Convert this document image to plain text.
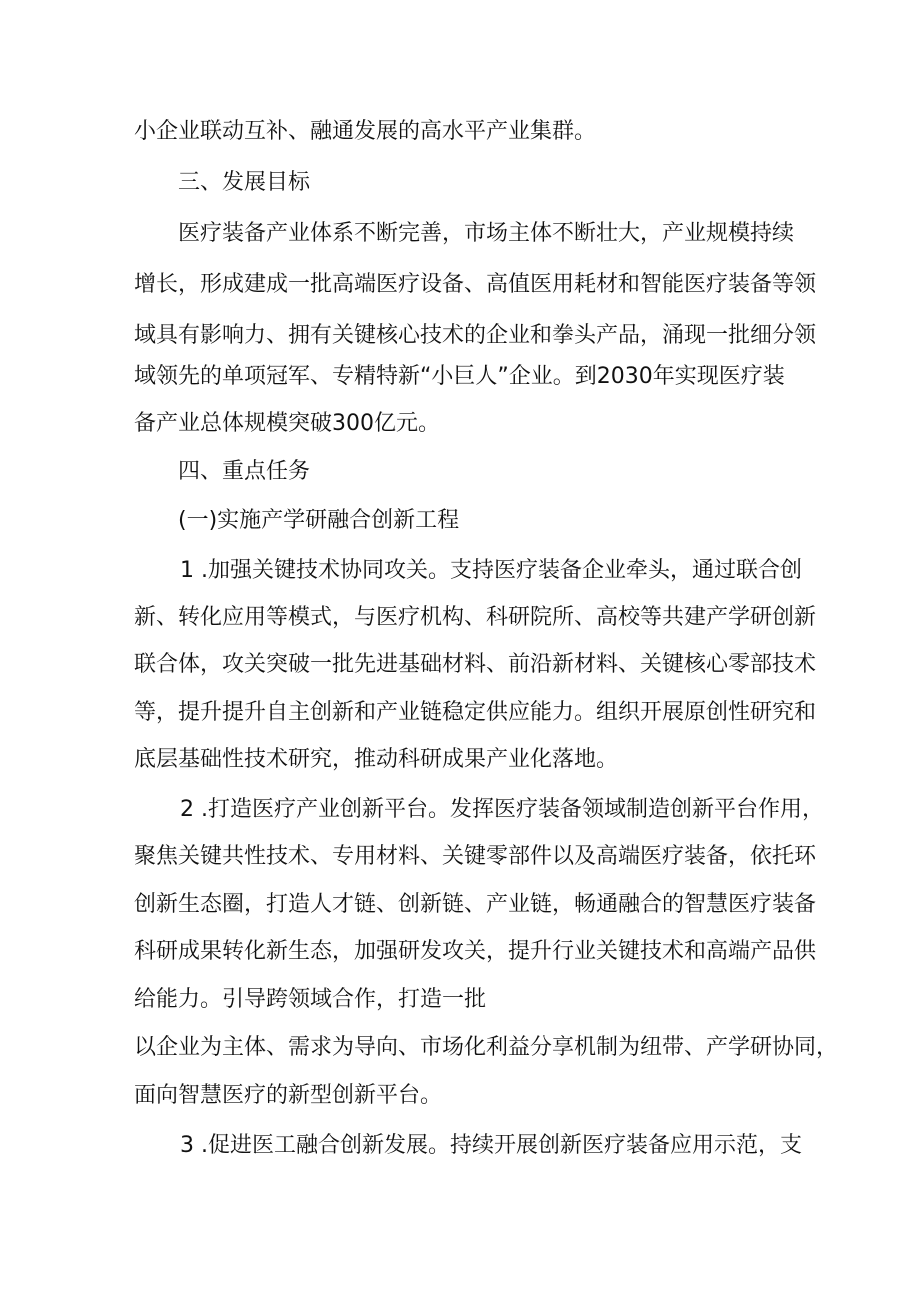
小企业联动互补、融通发展的高水平产业集群。
三、发展目标
医疗装备产业体系不断完善，市场主体不断壮大，产业规模持续
增长，形成建成一批高端医疗设备、高值医用耗材和智能医疗装备等领
域具有影响力、拥有关键核心技术的企业和拳头产品，涌现一批细分领
域领先的单项冠军、专精特新“小巨人”企业。到2030年实现医疗装
备产业总体规模突破300亿元。
四、重点任务
(一)实施产学研融合创新工程
1 .加强关键技术协同攻关。支持医疗装备企业牵头，通过联合创
新、转化应用等模式，与医疗机构、科研院所、高校等共建产学研创新
联合体，攻关突破一批先进基础材料、前沿新材料、关键核心零部技术
等，提升提升自主创新和产业链稳定供应能力。组织开展原创性研究和
底层基础性技术研究，推动科研成果产业化落地。
2 .打造医疗产业创新平台。发挥医疗装备领域制造创新平台作用，
聚焦关键共性技术、专用材料、关键零部件以及高端医疗装备，依托环
创新生态圈，打造人才链、创新链、产业链，畅通融合的智慧医疗装备
科研成果转化新生态，加强研发攻关，提升行业关键技术和高端产品供
给能力。引导跨领域合作，打造一批
以企业为主体、需求为导向、市场化利益分享机制为纽带、产学研协同，
面向智慧医疗的新型创新平台。
3 .促进医工融合创新发展。持续开展创新医疗装备应用示范，支
